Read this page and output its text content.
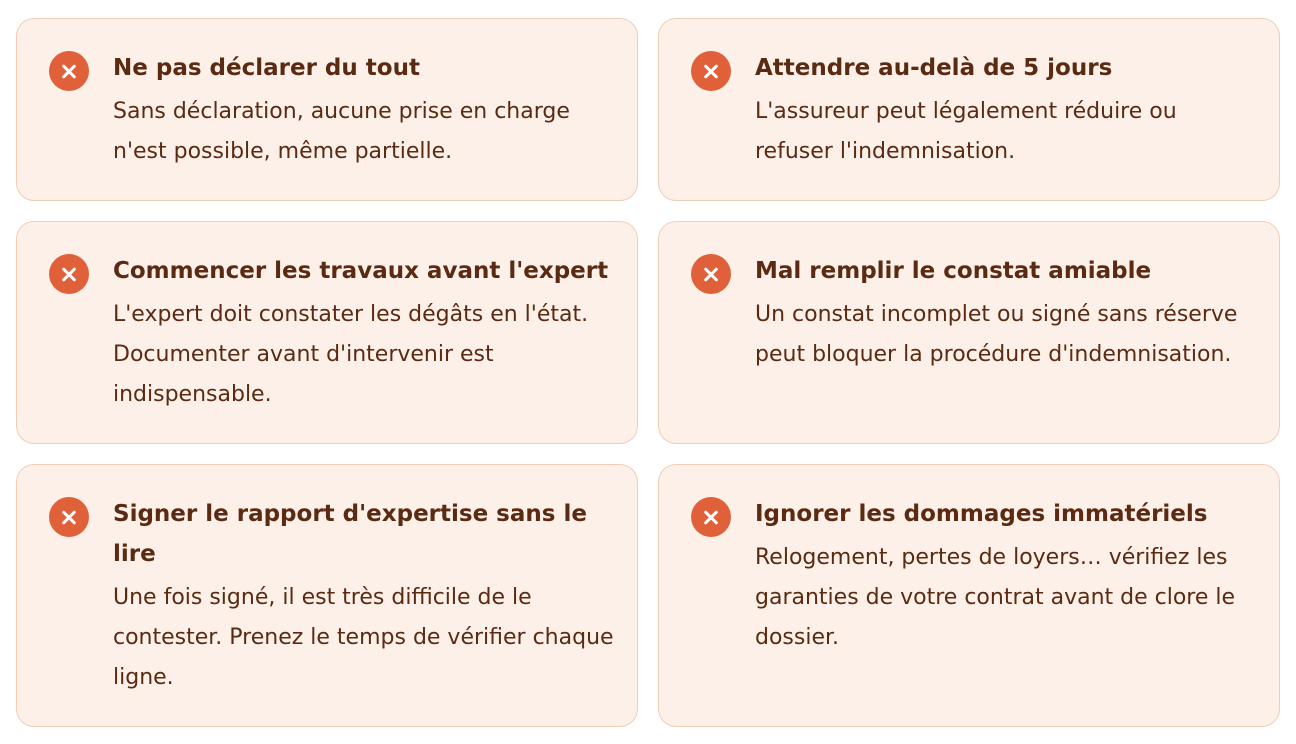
Ne pas déclarer du tout

Sans déclaration, aucune prise en charge n'est possible, même partielle.

Attendre au-delà de 5 jours

L'assureur peut légalement réduire ou refuser l'indemnisation.

Commencer les travaux avant l'expert

L'expert doit constater les dégâts en l'état. Documenter avant d'intervenir est indispensable.

Mal remplir le constat amiable

Un constat incomplet ou signé sans réserve peut bloquer la procédure d'indemnisation.

Signer le rapport d'expertise sans le lire

Une fois signé, il est très difficile de le contester. Prenez le temps de vérifier chaque ligne.

Ignorer les dommages immatériels

Relogement, pertes de loyers… vérifiez les garanties de votre contrat avant de clore le dossier.
